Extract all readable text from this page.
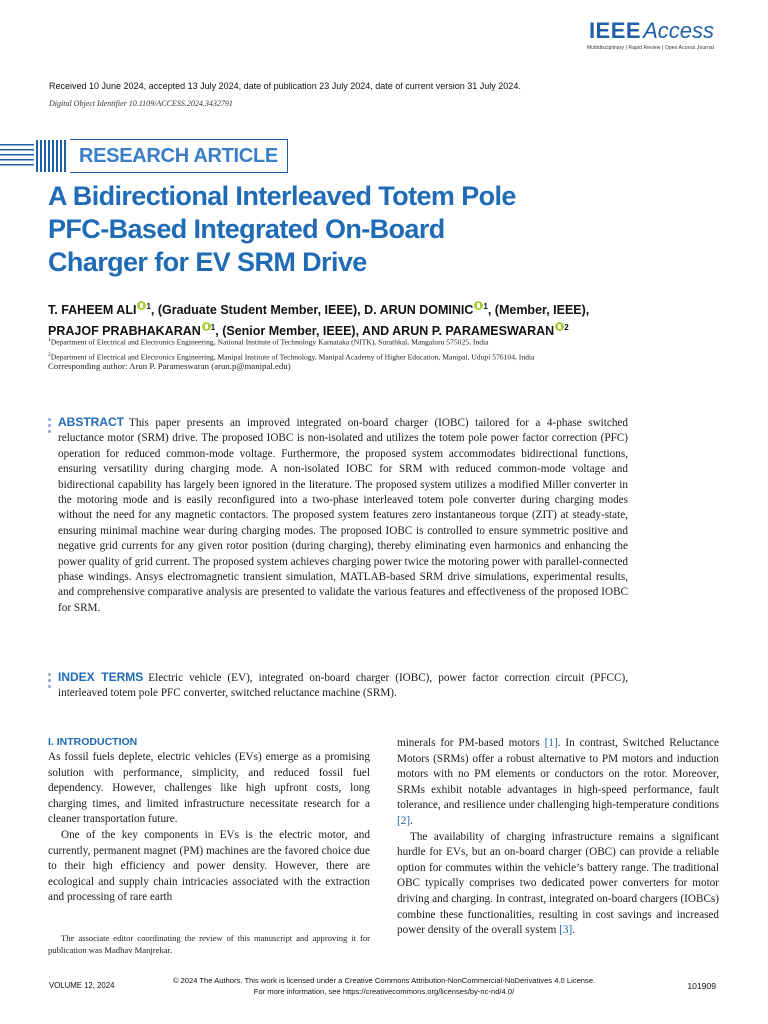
IEEEAccess
Multidisciplinary | Rapid Review | Open Access Journal
Received 10 June 2024, accepted 13 July 2024, date of publication 23 July 2024, date of current version 31 July 2024.
Digital Object Identifier 10.1109/ACCESS.2024.3432791
RESEARCH ARTICLE
A Bidirectional Interleaved Totem Pole
PFC-Based Integrated On-Board
Charger for EV SRM Drive
T. FAHEEM ALI $^1$, (Graduate Student Member, IEEE), D. ARUN DOMINIC $^1$, (Member, IEEE),
PRAJOF PRABHAKARAN $^1$, (Senior Member, IEEE), AND ARUN P. PARAMESWARAN $^2$
$^1$Department of Electrical and Electronics Engineering, National Institute of Technology Karnataka (NITK), Surathkal, Mangaluru 575025, India
$^2$Department of Electrical and Electronics Engineering, Manipal Institute of Technology, Manipal Academy of Higher Education, Manipal, Udupi 576104, India
Corresponding author: Arun P. Parameswaran (arun.p@manipal.edu)
ABSTRACT This paper presents an improved integrated on-board charger (IOBC) tailored for a 4-phase switched reluctance motor (SRM) drive. The proposed IOBC is non-isolated and utilizes the totem pole power factor correction (PFC) operation for reduced common-mode voltage. Furthermore, the proposed system accommodates bidirectional functions, ensuring versatility during charging mode. A non-isolated IOBC for SRM with reduced common-mode voltage and bidirectional capability has largely been ignored in the literature. The proposed system utilizes a modified Miller converter in the motoring mode and is easily reconfigured into a two-phase interleaved totem pole converter during charging modes without the need for any magnetic contactors. The proposed system features zero instantaneous torque (ZIT) at steady-state, ensuring minimal machine wear during charging modes. The proposed IOBC is controlled to ensure symmetric positive and negative grid currents for any given rotor position (during charging), thereby eliminating even harmonics and enhancing the power quality of grid current. The proposed system achieves charging power twice the motoring power with parallel-connected phase windings. Ansys electromagnetic transient simulation, MATLAB-based SRM drive simulations, experimental results, and comprehensive comparative analysis are presented to validate the various features and effectiveness of the proposed IOBC for SRM.
INDEX TERMS Electric vehicle (EV), integrated on-board charger (IOBC), power factor correction circuit (PFCC), interleaved totem pole PFC converter, switched reluctance machine (SRM).
I. INTRODUCTION

As fossil fuels deplete, electric vehicles (EVs) emerge as a promising solution with performance, simplicity, and reduced fossil fuel dependency. However, challenges like high upfront costs, long charging times, and limited infrastructure necessitate research for a cleaner transportation future.

One of the key components in EVs is the electric motor, and currently, permanent magnet (PM) machines are the favored choice due to their high efficiency and power density. However, there are ecological and supply chain intricacies associated with the extraction and processing of rare earth

The associate editor coordinating the review of this manuscript and approving it for publication was Madhav Manjrekar.

minerals for PM-based motors [1]. In contrast, Switched Reluctance Motors (SRMs) offer a robust alternative to PM motors and induction motors with no PM elements or conductors on the rotor. Moreover, SRMs exhibit notable advantages in high-speed performance, fault tolerance, and resilience under challenging high-temperature conditions [2].

The availability of charging infrastructure remains a significant hurdle for EVs, but an on-board charger (OBC) can provide a reliable option for commutes within the vehicle’s battery range. The traditional OBC typically comprises two dedicated power converters for motor driving and charging. In contrast, integrated on-board chargers (IOBCs) combine these functionalities, resulting in cost savings and increased power density of the overall system [3].

© 2024 The Authors. This work is licensed under a Creative Commons Attribution-NonCommercial-NoDerivatives 4.0 License.
For more information, see https://creativecommons.org/licenses/by-nc-nd/4.0/
VOLUME 12, 2024	101909
